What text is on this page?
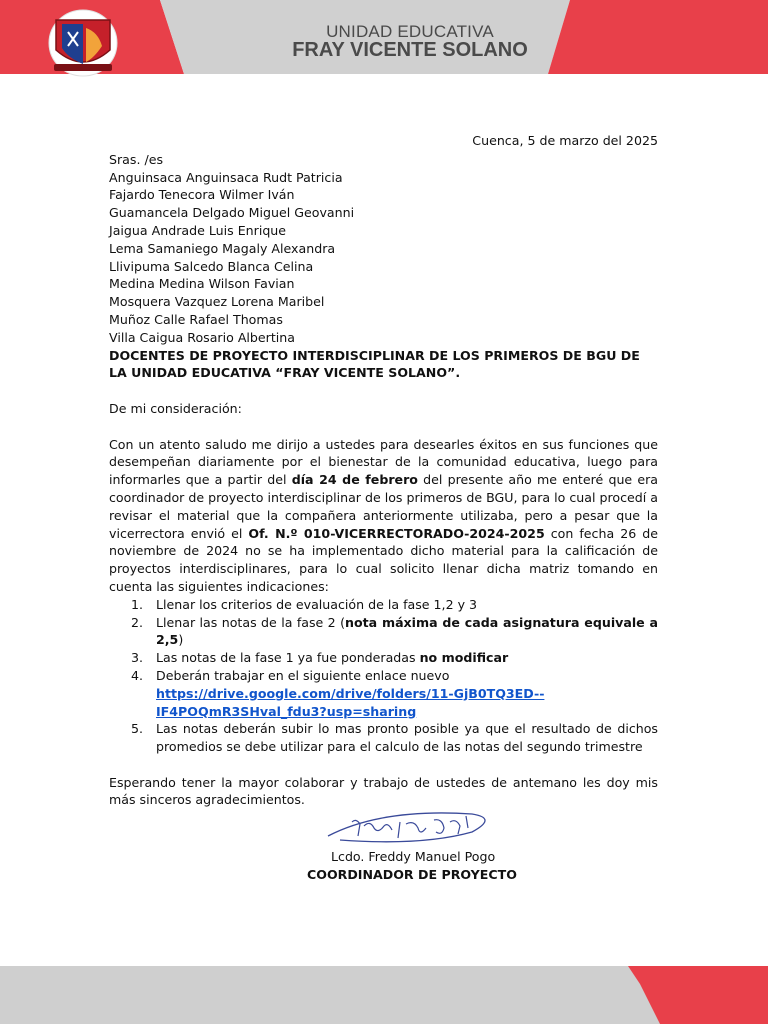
UNIDAD EDUCATIVA
FRAY VICENTE SOLANO
Cuenca, 5 de marzo del 2025
Sras. /es
Anguinsaca Anguinsaca Rudt Patricia
Fajardo Tenecora Wilmer Iván
Guamancela Delgado Miguel Geovanni
Jaigua Andrade Luis Enrique
Lema Samaniego Magaly Alexandra
Llivipuma Salcedo Blanca Celina
Medina Medina Wilson Favian
Mosquera Vazquez Lorena Maribel
Muñoz Calle Rafael Thomas
Villa Caigua Rosario Albertina

DOCENTES DE PROYECTO INTERDISCIPLINAR DE LOS PRIMEROS DE BGU DE LA UNIDAD EDUCATIVA “FRAY VICENTE SOLANO”.

De mi consideración:

Con un atento saludo me dirijo a ustedes para desearles éxitos en sus funciones que desempeñan diariamente por el bienestar de la comunidad educativa, luego para informarles que a partir del día 24 de febrero del presente año me enteré que era coordinador de proyecto interdisciplinar de los primeros de BGU, para lo cual procedí a revisar el material que la compañera anteriormente utilizaba, pero a pesar que la vicerrectora envió el Of. N.º 010-VICERRECTORADO-2024-2025 con fecha 26 de noviembre de 2024 no se ha implementado dicho material para la calificación de proyectos interdisciplinares, para lo cual solicito llenar dicha matriz tomando en cuenta las siguientes indicaciones:

1. Llenar los criterios de evaluación de la fase 1,2 y 3
2. Llenar las notas de la fase 2 (nota máxima de cada asignatura equivale a 2,5)
3. Las notas de la fase 1 ya fue ponderadas no modificar
4. Deberán trabajar en el siguiente enlace nuevo
https://drive.google.com/drive/folders/11-GjB0TQ3ED--IF4POQmR3SHval_fdu3?usp=sharing
5. Las notas deberán subir lo mas pronto posible ya que el resultado de dichos promedios se debe utilizar para el calculo de las notas del segundo trimestre

Esperando tener la mayor colaborar y trabajo de ustedes de antemano les doy mis más sinceros agradecimientos.

Lcdo. Freddy Manuel Pogo
COORDINADOR DE PROYECTO
